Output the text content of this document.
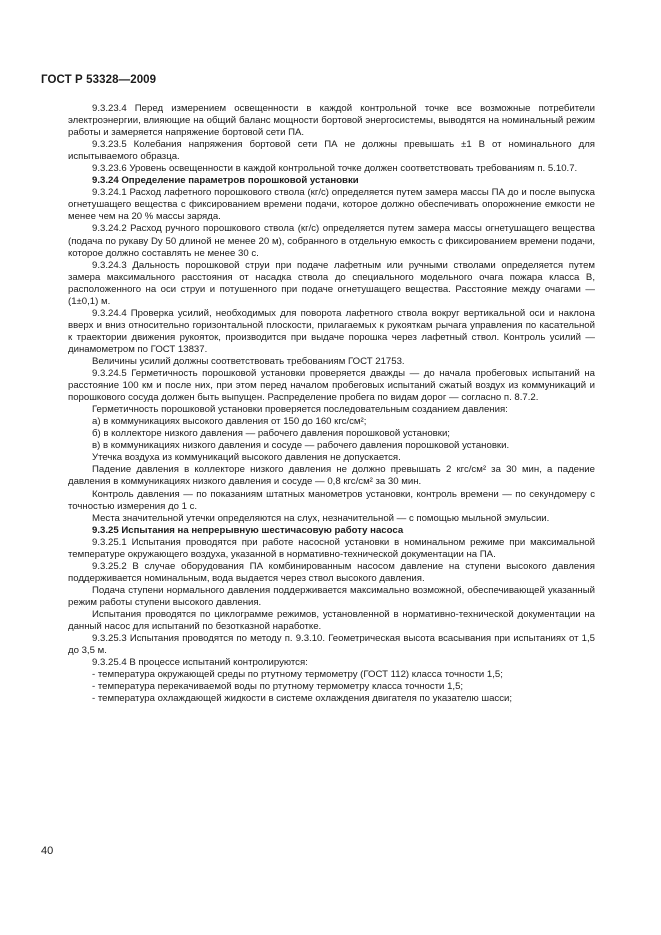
ГОСТ Р 53328—2009

9.3.23.4 Перед измерением освещенности в каждой контрольной точке все возможные потребители электроэнергии, влияющие на общий баланс мощности бортовой энергосистемы, выводятся на номинальный режим работы и замеряется напряжение бортовой сети ПА.

9.3.23.5 Колебания напряжения бортовой сети ПА не должны превышать ±1 В от номинального для испытываемого образца.

9.3.23.6 Уровень освещенности в каждой контрольной точке должен соответствовать требованиям п. 5.10.7.

9.3.24 Определение параметров порошковой установки

9.3.24.1 Расход лафетного порошкового ствола (кг/с) определяется путем замера массы ПА до и после выпуска огнетушащего вещества с фиксированием времени подачи, которое должно обеспечивать опорожнение емкости не менее чем на 20 % массы заряда.

9.3.24.2 Расход ручного порошкового ствола (кг/с) определяется путем замера массы огнетушащего вещества (подача по рукаву Dу 50 длиной не менее 20 м), собранного в отдельную емкость с фиксированием времени подачи, которое должно составлять не менее 30 с.

9.3.24.3 Дальность порошковой струи при подаче лафетным или ручными стволами определяется путем замера максимального расстояния от насадка ствола до специального модельного очага пожара класса В, расположенного на оси струи и потушенного при подаче огнетушащего вещества. Расстояние между очагами — (1±0,1) м.

9.3.24.4 Проверка усилий, необходимых для поворота лафетного ствола вокруг вертикальной оси и наклона вверх и вниз относительно горизонтальной плоскости, прилагаемых к рукояткам рычага управления по касательной к траектории движения рукояток, производится при выдаче порошка через лафетный ствол. Контроль усилий — динамометром по ГОСТ 13837.

Величины усилий должны соответствовать требованиям ГОСТ 21753.

9.3.24.5 Герметичность порошковой установки проверяется дважды — до начала пробеговых испытаний на расстояние 100 км и после них, при этом перед началом пробеговых испытаний сжатый воздух из коммуникаций и порошкового сосуда должен быть выпущен. Распределение пробега по видам дорог — согласно п. 8.7.2.

Герметичность порошковой установки проверяется последовательным созданием давления:

а) в коммуникациях высокого давления от 150 до 160 кгс/см²;

б) в коллекторе низкого давления — рабочего давления порошковой установки;

в) в коммуникациях низкого давления и сосуде — рабочего давления порошковой установки.

Утечка воздуха из коммуникаций высокого давления не допускается.

Падение давления в коллекторе низкого давления не должно превышать 2 кгс/см² за 30 мин, а падение давления в коммуникациях низкого давления и сосуде — 0,8 кгс/см² за 30 мин.

Контроль давления — по показаниям штатных манометров установки, контроль времени — по секундомеру с точностью измерения до 1 с.

Места значительной утечки определяются на слух, незначительной — с помощью мыльной эмульсии.

9.3.25 Испытания на непрерывную шестичасовую работу насоса

9.3.25.1 Испытания проводятся при работе насосной установки в номинальном режиме при максимальной температуре окружающего воздуха, указанной в нормативно-технической документации на ПА.

9.3.25.2 В случае оборудования ПА комбинированным насосом давление на ступени высокого давления поддерживается номинальным, вода выдается через ствол высокого давления.

Подача ступени нормального давления поддерживается максимально возможной, обеспечивающей указанный режим работы ступени высокого давления.

Испытания проводятся по циклограмме режимов, установленной в нормативно-технической документации на данный насос для испытаний по безотказной наработке.

9.3.25.3 Испытания проводятся по методу п. 9.3.10. Геометрическая высота всасывания при испытаниях от 1,5 до 3,5 м.

9.3.25.4 В процессе испытаний контролируются:

- температура окружающей среды по ртутному термометру (ГОСТ 112) класса точности 1,5;

- температура перекачиваемой воды по ртутному термометру класса точности 1,5;

- температура охлаждающей жидкости в системе охлаждения двигателя по указателю шасси;

40
